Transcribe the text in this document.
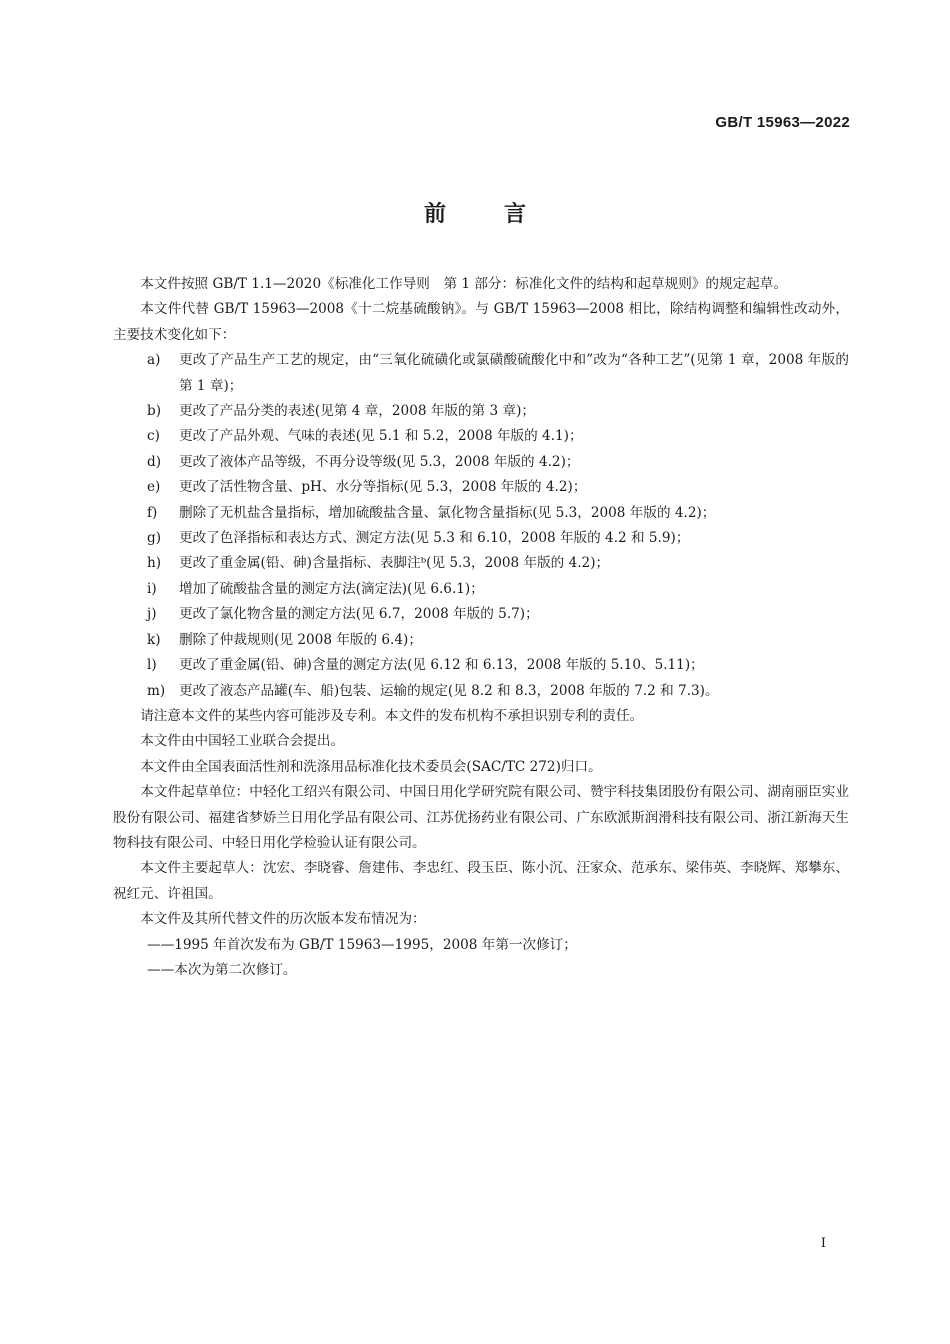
GB/T 15963—2022
前	言

本文件按照 GB/T 1.1—2020《标准化工作导则　第 1 部分：标准化文件的结构和起草规则》的规定起草。

本文件代替 GB/T 15963—2008《十二烷基硫酸钠》。与 GB/T 15963—2008 相比，除结构调整和编辑性改动外，主要技术变化如下：

a) 更改了产品生产工艺的规定，由“三氧化硫磺化或氯磺酸硫酸化中和”改为“各种工艺”(见第 1 章，2008 年版的第 1 章)；
b) 更改了产品分类的表述(见第 4 章，2008 年版的第 3 章)；
c) 更改了产品外观、气味的表述(见 5.1 和 5.2，2008 年版的 4.1)；
d) 更改了液体产品等级，不再分设等级(见 5.3，2008 年版的 4.2)；
e) 更改了活性物含量、pH、水分等指标(见 5.3，2008 年版的 4.2)；
f) 删除了无机盐含量指标，增加硫酸盐含量、氯化物含量指标(见 5.3，2008 年版的 4.2)；
g) 更改了色泽指标和表达方式、测定方法(见 5.3 和 6.10，2008 年版的 4.2 和 5.9)；
h) 更改了重金属(铅、砷)含量指标、表脚注ᵇ(见 5.3，2008 年版的 4.2)；
i) 增加了硫酸盐含量的测定方法(滴定法)(见 6.6.1)；
j) 更改了氯化物含量的测定方法(见 6.7，2008 年版的 5.7)；
k) 删除了仲裁规则(见 2008 年版的 6.4)；
l) 更改了重金属(铅、砷)含量的测定方法(见 6.12 和 6.13，2008 年版的 5.10、5.11)；
m) 更改了液态产品罐(车、船)包装、运输的规定(见 8.2 和 8.3，2008 年版的 7.2 和 7.3)。

请注意本文件的某些内容可能涉及专利。本文件的发布机构不承担识别专利的责任。

本文件由中国轻工业联合会提出。

本文件由全国表面活性剂和洗涤用品标准化技术委员会(SAC/TC 272)归口。

本文件起草单位：中轻化工绍兴有限公司、中国日用化学研究院有限公司、赞宇科技集团股份有限公司、湖南丽臣实业股份有限公司、福建省梦娇兰日用化学品有限公司、江苏优扬药业有限公司、广东欧派斯润滑科技有限公司、浙江新海天生物科技有限公司、中轻日用化学检验认证有限公司。

本文件主要起草人：沈宏、李晓睿、詹建伟、李忠红、段玉臣、陈小沉、汪家众、范承东、梁伟英、李晓辉、郑攀东、祝红元、许祖国。

本文件及其所代替文件的历次版本发布情况为：

——1995 年首次发布为 GB/T 15963—1995，2008 年第一次修订；
——本次为第二次修订。
I
